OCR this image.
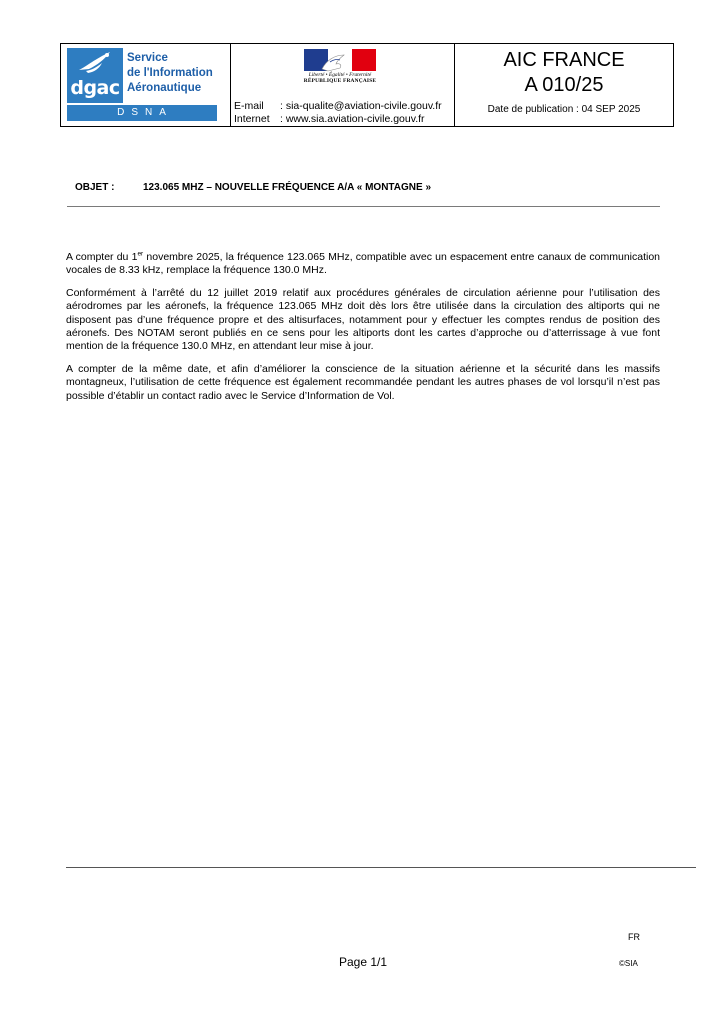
dgac
DSNA
Service
de l'Information
Aéronautique
Liberté • Égalité • Fraternité
RÉPUBLIQUE FRANÇAISE
E-mail : sia-qualite@aviation-civile.gouv.fr
Internet : www.sia.aviation-civile.gouv.fr
AIC FRANCE
A 010/25
Date de publication : 04 SEP 2025
OBJET :	123.065 MHZ – NOUVELLE FRÉQUENCE A/A « MONTAGNE »

A compter du 1er novembre 2025, la fréquence 123.065 MHz, compatible avec un espacement entre canaux de communication vocales de 8.33 kHz, remplace la fréquence 130.0 MHz.

Conformément à l’arrêté du 12 juillet 2019 relatif aux procédures générales de circulation aérienne pour l’utilisation des aérodromes par les aéronefs, la fréquence 123.065 MHz doit dès lors être utilisée dans la circulation des altiports qui ne disposent pas d’une fréquence propre et des altisurfaces, notamment pour y effectuer les comptes rendus de position des aéronefs. Des NOTAM seront publiés en ce sens pour les altiports dont les cartes d’approche ou d’atterrissage à vue font mention de la fréquence 130.0 MHz, en attendant leur mise à jour.

A compter de la même date, et afin d’améliorer la conscience de la situation aérienne et la sécurité dans les massifs montagneux, l’utilisation de cette fréquence est également recommandée pendant les autres phases de vol lorsqu’il n’est pas possible d’établir un contact radio avec le Service d’Information de Vol.

FR
Page 1/1	©SIA
